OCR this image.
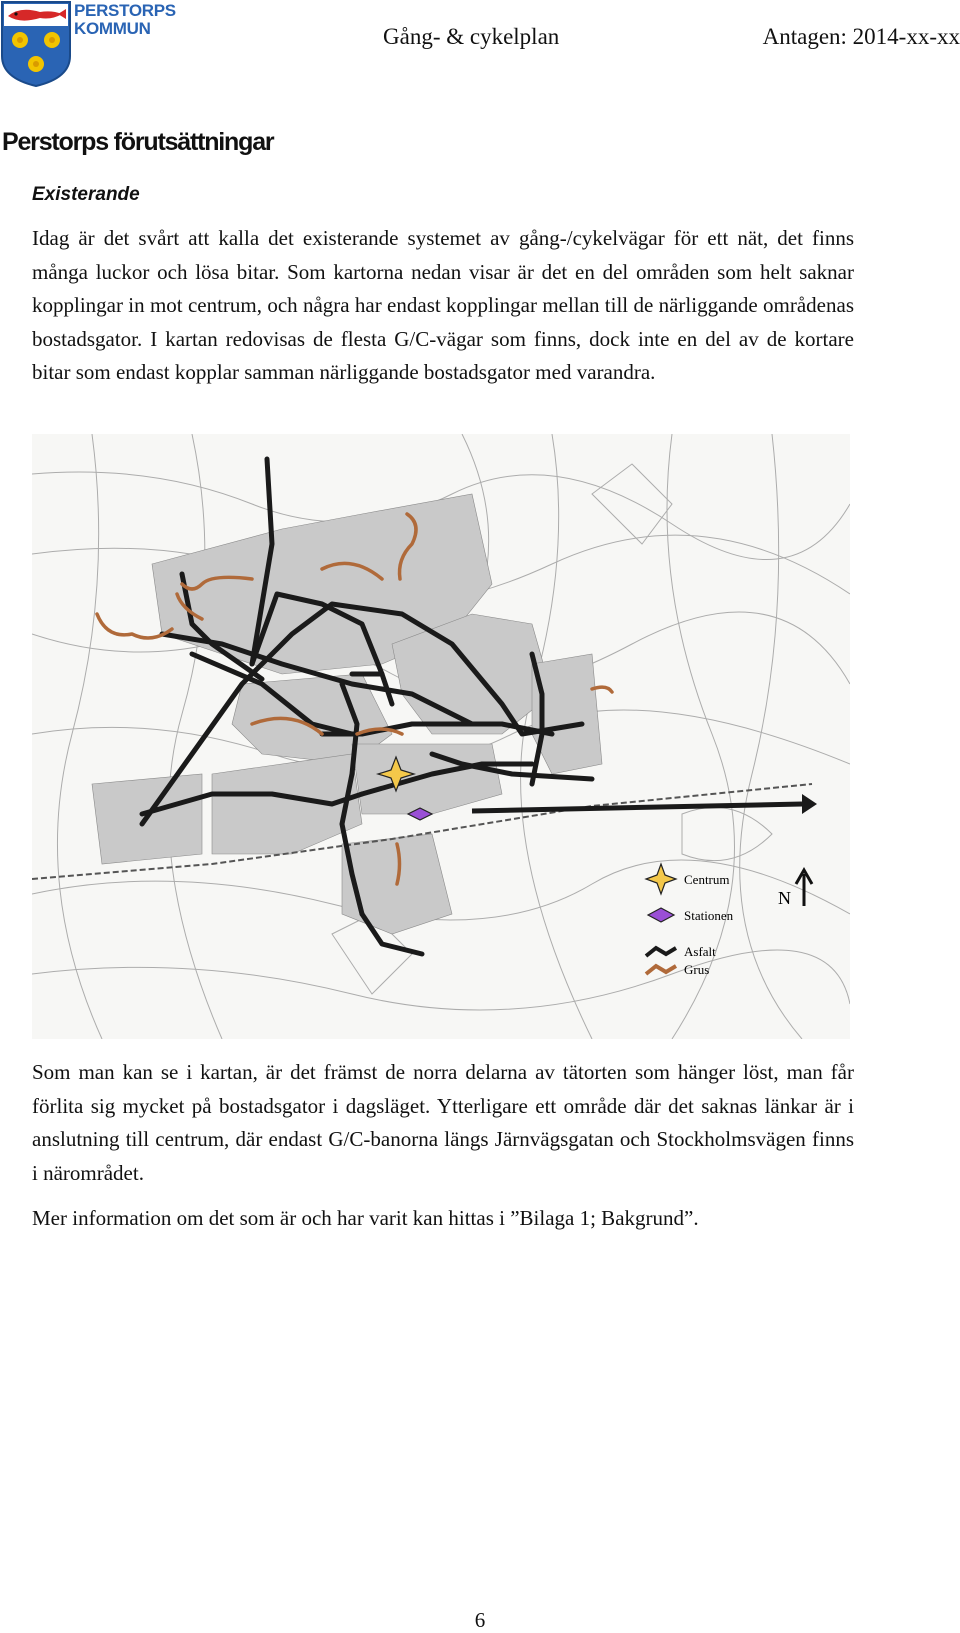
PERSTORPS
KOMMUN	Gång- & cykelplan	Antagen: 2014-xx-xx
Perstorps förutsättningar
Existerande
Idag är det svårt att kalla det existerande systemet av gång-/cykelvägar för ett nät, det finns många luckor och lösa bitar. Som kartorna nedan visar är det en del områden som helt saknar kopplingar in mot centrum, och några har endast kopplingar mellan till de närliggande områdenas bostadsgator. I kartan redovisas de flesta G/C-vägar som finns, dock inte en del av de kortare bitar som endast kopplar samman närliggande bostadsgator med varandra.
Centrum
Stationen
Asfalt
Grus
N
Som man kan se i kartan, är det främst de norra delarna av tätorten som hänger löst, man får förlita sig mycket på bostadsgator i dagsläget. Ytterligare ett område där det saknas länkar är i anslutning till centrum, där endast G/C-banorna längs Järnvägsgatan och Stockholmsvägen finns i närområdet.
Mer information om det som är och har varit kan hittas i ”Bilaga 1; Bakgrund”.
6
